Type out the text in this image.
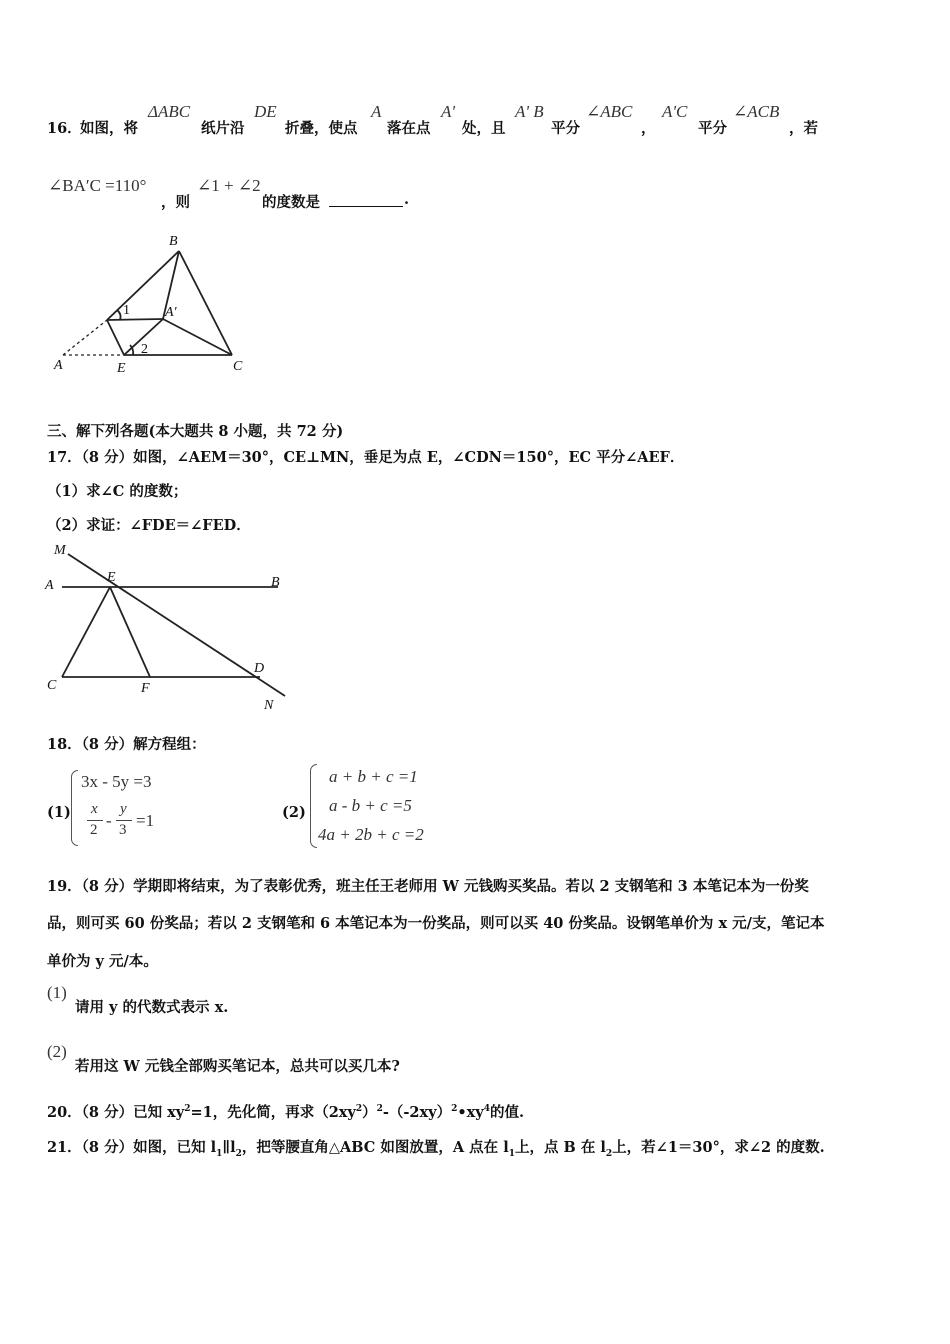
16．
如图，将
ΔABC
纸片沿
DE
折叠，使点
A
落在点
A'
处，且
A' B
平分
∠ABC
，
A'C
平分
∠ACB
，若
∠BA′C =110°
，则
∠1 + ∠2
的度数是	.
B
A′
1
2
A	E	C
三、解下列各题(本大题共 8 小题，共 72 分)
17．（8 分）如图，∠AEM＝30°，CE⊥MN，垂足为点 E，∠CDN＝150°，EC 平分∠AEF．
（1）求∠C 的度数；
（2）求证：∠FDE＝∠FED．
M
A
E	B
C	F
D
N
18．（8 分）解方程组：
(1)
3x - 5y =3
x
2 -
y
3 =1	(2)
a + b + c =1
a - b + c =5
4a + 2b + c =2
19．（8 分）学期即将结束，为了表彰优秀，班主任王老师用 W 元钱购买奖品。若以 2 支钢笔和 3 本笔记本为一份奖
品，则可买 60 份奖品；若以 2 支钢笔和 6 本笔记本为一份奖品，则可以买 40 份奖品。设钢笔单价为 x 元/支，笔记本
单价为 y 元/本。
(1)
请用 y 的代数式表示 x.
(2)
若用这 W 元钱全部购买笔记本，总共可以买几本?
20．（8 分）已知 $xy^2=1$，先化简，再求$(2xy^2)^2-(-2xy)^2•xy^4$的值.
21．（8 分）如图，已知 $l_1\parallel l_2$，把等腰直角△ABC 如图放置，A 点在 $l_1$上，点 B 在 $l_2$上，若∠1＝30°，求∠2 的度数.
